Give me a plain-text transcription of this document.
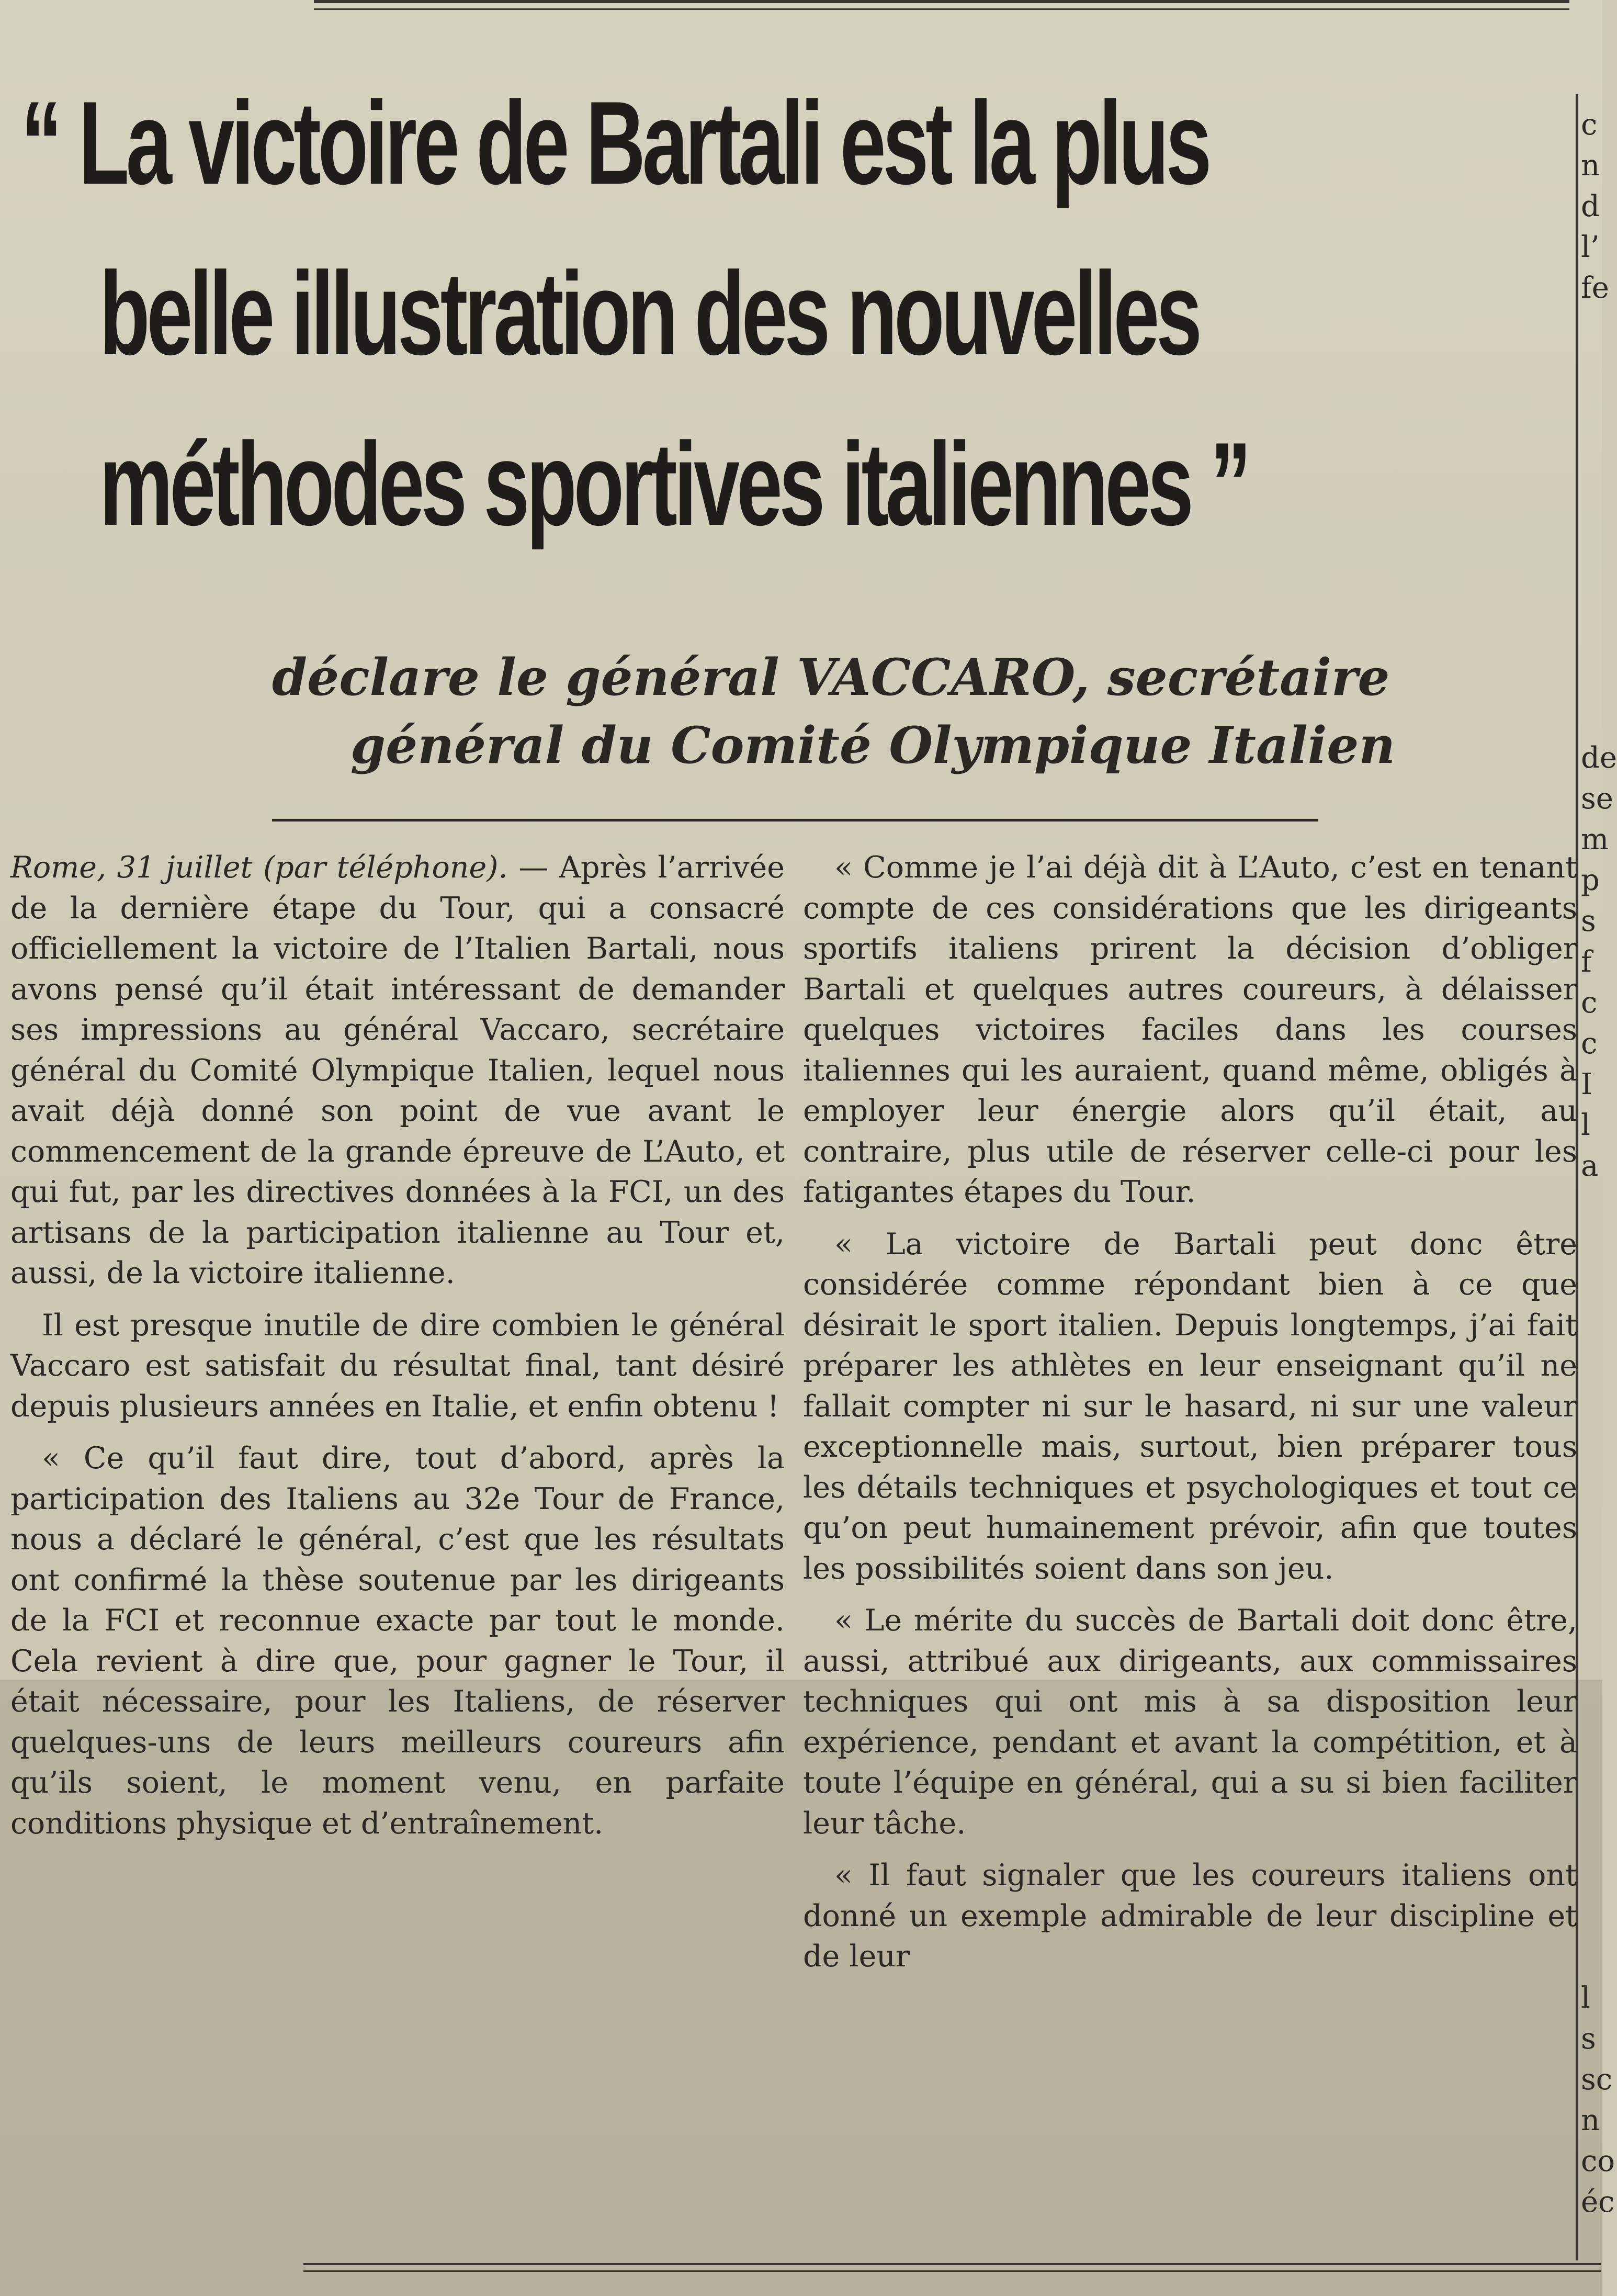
“ La victoire de Bartali est la plus
belle illustration des nouvelles
méthodes sportives italiennes ”
déclare le général VACCARO, secrétaire
général du Comité Olympique Italien

Rome, 31 juillet (par téléphone). — Après l’arrivée de la dernière étape du Tour, qui a consacré officiellement la victoire de l’Italien Bartali, nous avons pensé qu’il était intéressant de demander ses impressions au général Vaccaro, secrétaire général du Comité Olympique Italien, lequel nous avait déjà donné son point de vue avant le commencement de la grande épreuve de L’Auto, et qui fut, par les directives données à la FCI, un des artisans de la participation italienne au Tour et, aussi, de la victoire italienne.

Il est presque inutile de dire combien le général Vaccaro est satisfait du résultat final, tant désiré depuis plusieurs années en Italie, et enfin obtenu !

« Ce qu’il faut dire, tout d’abord, après la participation des Italiens au 32e Tour de France, nous a déclaré le général, c’est que les résultats ont confirmé la thèse soutenue par les dirigeants de la FCI et reconnue exacte par tout le monde. Cela revient à dire que, pour gagner le Tour, il était nécessaire, pour les Italiens, de réserver quelques-uns de leurs meilleurs coureurs afin qu’ils soient, le moment venu, en parfaite conditions physique et d’entraînement.

« Comme je l’ai déjà dit à L’Auto, c’est en tenant compte de ces considérations que les dirigeants sportifs italiens prirent la décision d’obliger Bartali et quelques autres coureurs, à délaisser quelques victoires faciles dans les courses italiennes qui les auraient, quand même, obligés à employer leur énergie alors qu’il était, au contraire, plus utile de réserver celle-ci pour les fatigantes étapes du Tour.

« La victoire de Bartali peut donc être considérée comme répondant bien à ce que désirait le sport italien. Depuis longtemps, j’ai fait préparer les athlètes en leur enseignant qu’il ne fallait compter ni sur le hasard, ni sur une valeur exceptionnelle mais, surtout, bien préparer tous les détails techniques et psychologiques et tout ce qu’on peut humainement prévoir, afin que toutes les possibilités soient dans son jeu.

« Le mérite du succès de Bartali doit donc être, aussi, attribué aux dirigeants, aux commissaires techniques qui ont mis à sa disposition leur expérience, pendant et avant la compétition, et à toute l’équipe en général, qui a su si bien faciliter leur tâche.

« Il faut signaler que les coureurs italiens ont donné un exemple admirable de leur discipline et de leur

c
n
d
l’
fe
de
se
m
p
s
f
c
c
I
l
a
l
s
sc
n
co
éc
